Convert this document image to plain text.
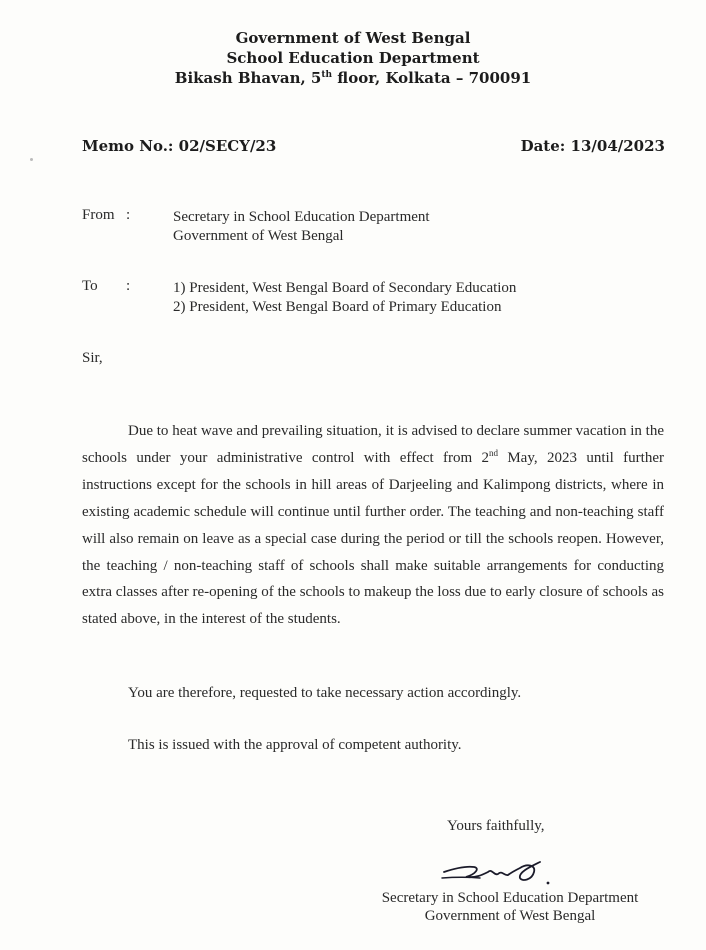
Government of West Bengal
School Education Department
Bikash Bhavan, 5th floor, Kolkata – 700091
Memo No.: 02/SECY/23	Date: 13/04/2023
From :	Secretary in School Education Department
Government of West Bengal
To :	1) President, West Bengal Board of Secondary Education
2) President, West Bengal Board of Primary Education
Sir,
Due to heat wave and prevailing situation, it is advised to declare summer vacation in the schools under your administrative control with effect from 2nd May, 2023 until further instructions except for the schools in hill areas of Darjeeling and Kalimpong districts, where in existing academic schedule will continue until further order. The teaching and non-teaching staff will also remain on leave as a special case during the period or till the schools reopen. However, the teaching / non-teaching staff of schools shall make suitable arrangements for conducting extra classes after re-opening of the schools to makeup the loss due to early closure of schools as stated above, in the interest of the students.
You are therefore, requested to take necessary action accordingly.
This is issued with the approval of competent authority.
Yours faithfully,
Secretary in School Education Department
Government of West Bengal
